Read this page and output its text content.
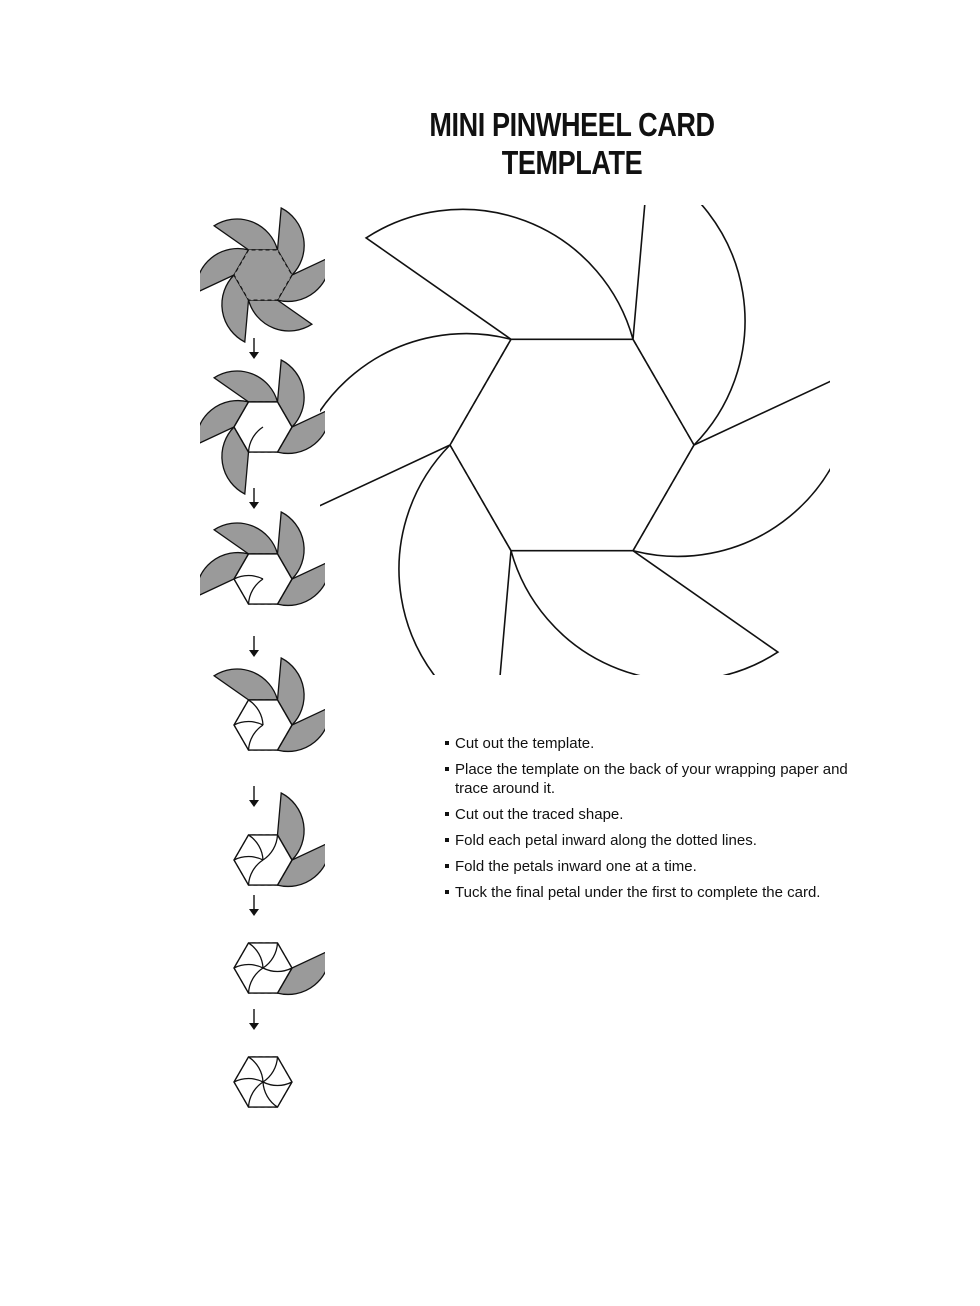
MINI PINWHEEL CARD TEMPLATE
Cut out the template.
Place the template on the back of your wrapping paper and trace around it.
Cut out the traced shape.
Fold each petal inward along the dotted lines.
Fold the petals inward one at a time.
Tuck the final petal under the first to complete the card.
